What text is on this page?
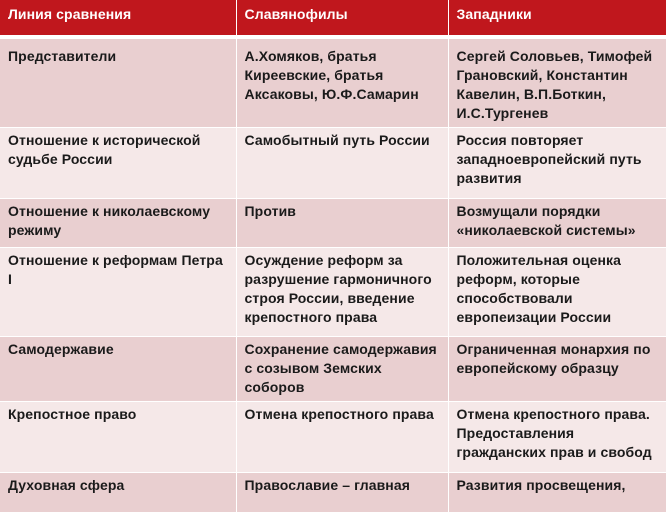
Линия сравнения	Славянофилы	Западники

Представители	А.Хомяков, братья Киреевские, братья Аксаковы, Ю.Ф.Самарин	Сергей Соловьев, Тимофей Грановский, Константин Кавелин, В.П.Боткин, И.С.Тургенев

Отношение к исторической судьбе России	Самобытный путь России	Россия повторяет западноевропейский путь развития

Отношение к николаевскому режиму	Против	Возмущали порядки «николаевской системы»

Отношение к реформам Петра I	Осуждение реформ за разрушение гармоничного строя России, введение крепостного права	Положительная оценка реформ, которые способствовали европеизации России

Самодержавие	Сохранение самодержавия с созывом Земских соборов	Ограниченная монархия по европейскому образцу

Крепостное право	Отмена крепостного права	Отмена крепостного права. Предоставления гражданских прав и свобод

Духовная сфера	Православие – главная	Развития просвещения,
